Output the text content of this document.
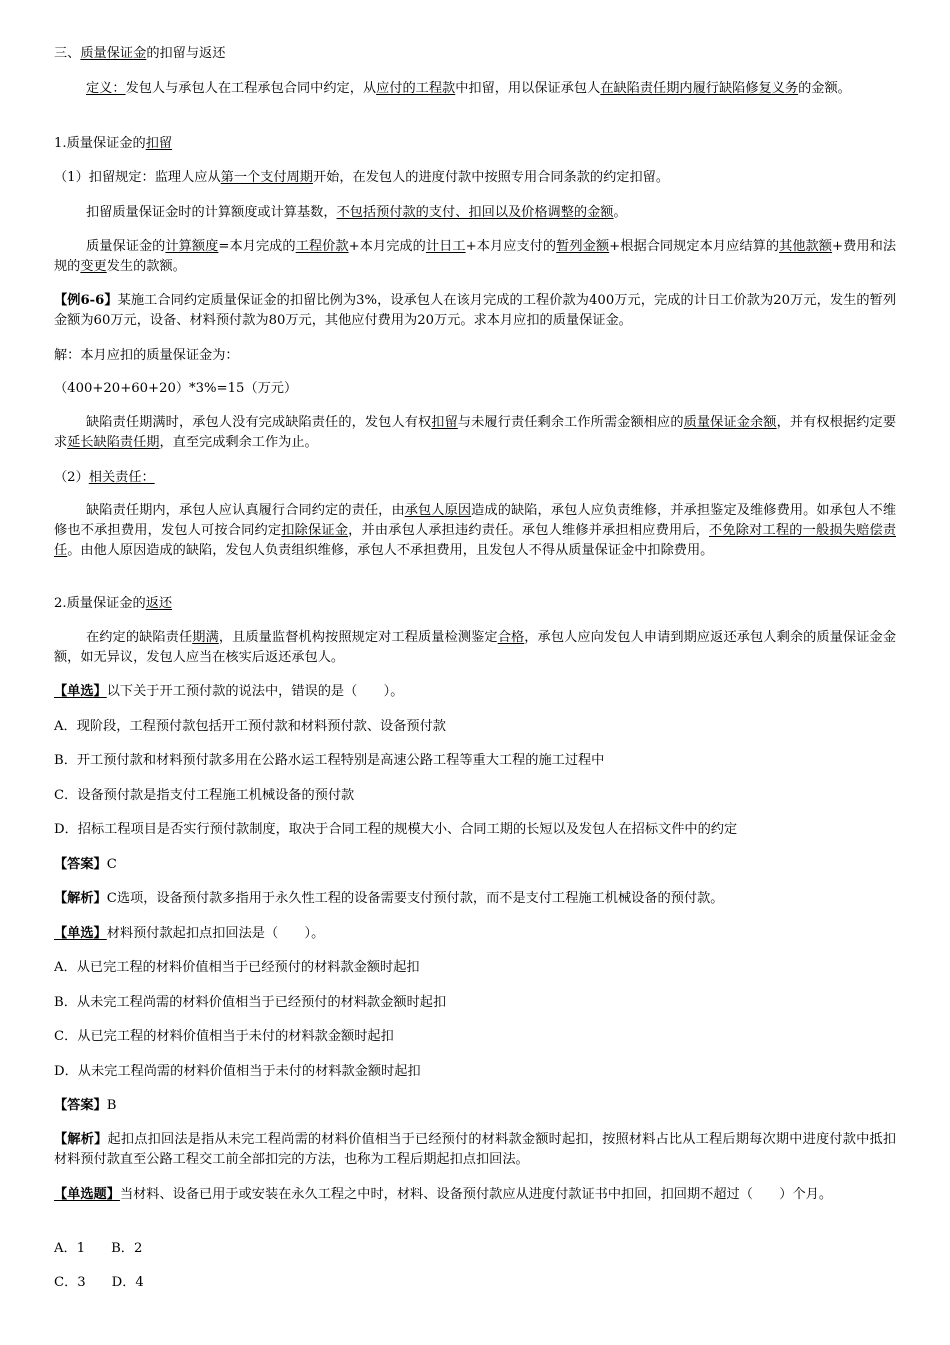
三、质量保证金的扣留与返还

定义：发包人与承包人在工程承包合同中约定，从应付的工程款中扣留，用以保证承包人在缺陷责任期内履行缺陷修复义务的金额。

1.质量保证金的扣留

（1）扣留规定：监理人应从第一个支付周期开始，在发包人的进度付款中按照专用合同条款的约定扣留。

扣留质量保证金时的计算额度或计算基数，不包括预付款的支付、扣回以及价格调整的金额。

质量保证金的计算额度=本月完成的工程价款+本月完成的计日工+本月应支付的暂列金额+根据合同规定本月应结算的其他款额+费用和法规的变更发生的款额。

【例6-6】某施工合同约定质量保证金的扣留比例为3%，设承包人在该月完成的工程价款为400万元，完成的计日工价款为20万元，发生的暂列金额为60万元，设备、材料预付款为80万元，其他应付费用为20万元。求本月应扣的质量保证金。

解：本月应扣的质量保证金为：

（400+20+60+20）*3%=15（万元）

缺陷责任期满时，承包人没有完成缺陷责任的，发包人有权扣留与未履行责任剩余工作所需金额相应的质量保证金余额，并有权根据约定要求延长缺陷责任期，直至完成剩余工作为止。

（2）相关责任：

缺陷责任期内，承包人应认真履行合同约定的责任，由承包人原因造成的缺陷，承包人应负责维修，并承担鉴定及维修费用。如承包人不维修也不承担费用，发包人可按合同约定扣除保证金，并由承包人承担违约责任。承包人维修并承担相应费用后，不免除对工程的一般损失赔偿责任。由他人原因造成的缺陷，发包人负责组织维修，承包人不承担费用，且发包人不得从质量保证金中扣除费用。

2.质量保证金的返还

在约定的缺陷责任期满，且质量监督机构按照规定对工程质量检测鉴定合格，承包人应向发包人申请到期应返还承包人剩余的质量保证金金额，如无异议，发包人应当在核实后返还承包人。

【单选】以下关于开工预付款的说法中，错误的是（　　）。

A．现阶段，工程预付款包括开工预付款和材料预付款、设备预付款

B．开工预付款和材料预付款多用在公路水运工程特别是高速公路工程等重大工程的施工过程中

C．设备预付款是指支付工程施工机械设备的预付款

D．招标工程项目是否实行预付款制度，取决于合同工程的规模大小、合同工期的长短以及发包人在招标文件中的约定

【答案】C

【解析】C选项，设备预付款多指用于永久性工程的设备需要支付预付款，而不是支付工程施工机械设备的预付款。

【单选】材料预付款起扣点扣回法是（　　）。

A．从已完工程的材料价值相当于已经预付的材料款金额时起扣

B．从未完工程尚需的材料价值相当于已经预付的材料款金额时起扣

C．从已完工程的材料价值相当于未付的材料款金额时起扣

D．从未完工程尚需的材料价值相当于未付的材料款金额时起扣

【答案】B

【解析】起扣点扣回法是指从未完工程尚需的材料价值相当于已经预付的材料款金额时起扣，按照材料占比从工程后期每次期中进度付款中抵扣材料预付款直至公路工程交工前全部扣完的方法，也称为工程后期起扣点扣回法。

【单选题】当材料、设备已用于或安装在永久工程之中时，材料、设备预付款应从进度付款证书中扣回，扣回期不超过（　　）个月。

A．1 B．2

C．3 D．4
